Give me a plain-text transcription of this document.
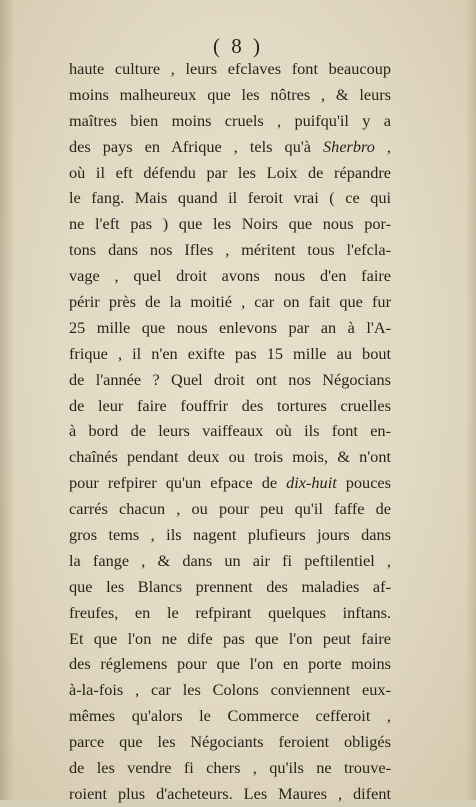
( 8 )
haute culture , leurs efclaves font beaucoup
moins malheureux que les nôtres , & leurs
maîtres bien moins cruels , puifqu'il y a
des pays en Afrique , tels qu'à Sherbro ,
où il eft défendu par les Loix de répandre
le fang. Mais quand il feroit vrai ( ce qui
ne l'eft pas ) que les Noirs que nous por-
tons dans nos Ifles , méritent tous l'efcla-
vage , quel droit avons nous d'en faire
périr près de la moitié , car on fait que fur
25 mille que nous enlevons par an à l'A-
frique , il n'en exifte pas 15 mille au bout
de l'année ? Quel droit ont nos Négocians
de leur faire fouffrir des tortures cruelles
à bord de leurs vaiffeaux où ils font en-
chaînés pendant deux ou trois mois, & n'ont
pour refpirer qu'un efpace de dix-huit pouces
carrés chacun , ou pour peu qu'il faffe de
gros tems , ils nagent plufieurs jours dans
la fange , & dans un air fi peftilentiel ,
que les Blancs prennent des maladies af-
freufes, en le refpirant quelques inftans.
Et que l'on ne dife pas que l'on peut faire
des réglemens pour que l'on en porte moins
à-la-fois , car les Colons conviennent eux-
mêmes qu'alors le Commerce cefferoit ,
parce que les Négociants feroient obligés
de les vendre fi chers , qu'ils ne trouve-
roient plus d'acheteurs. Les Maures , difent
